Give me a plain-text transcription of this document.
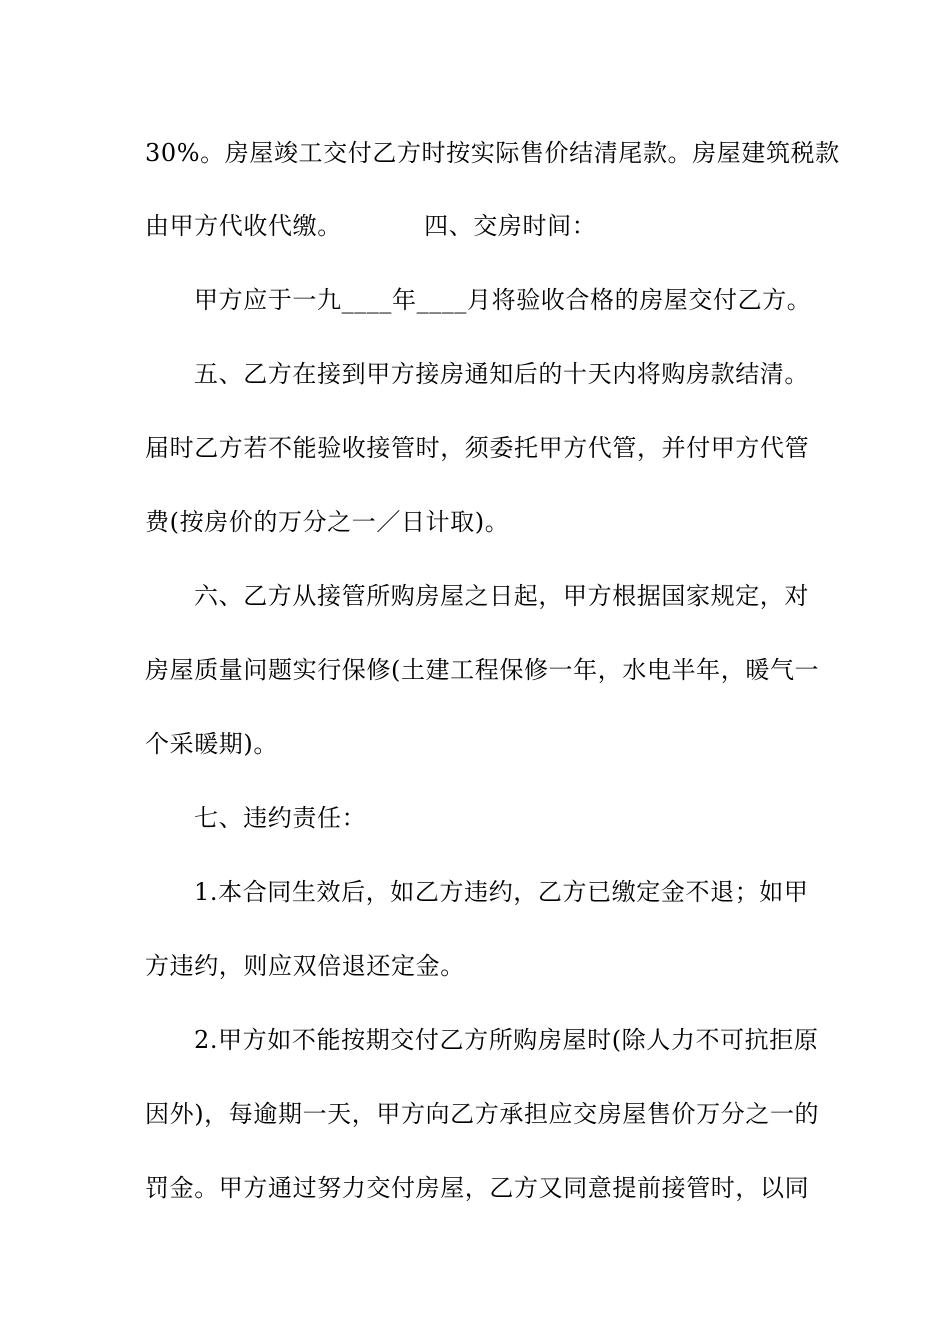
30%。房屋竣工交付乙方时按实际售价结清尾款。房屋建筑税款
由甲方代收代缴。          四、交房时间：
甲方应于一九____年____月将验收合格的房屋交付乙方。
五、乙方在接到甲方接房通知后的十天内将购房款结清。
届时乙方若不能验收接管时，须委托甲方代管，并付甲方代管
费(按房价的万分之一／日计取)。
六、乙方从接管所购房屋之日起，甲方根据国家规定，对
房屋质量问题实行保修(土建工程保修一年，水电半年，暖气一
个采暖期)。
七、违约责任：
1.本合同生效后，如乙方违约，乙方已缴定金不退；如甲
方违约，则应双倍退还定金。
2.甲方如不能按期交付乙方所购房屋时(除人力不可抗拒原
因外)，每逾期一天，甲方向乙方承担应交房屋售价万分之一的
罚金。甲方通过努力交付房屋，乙方又同意提前接管时，以同
